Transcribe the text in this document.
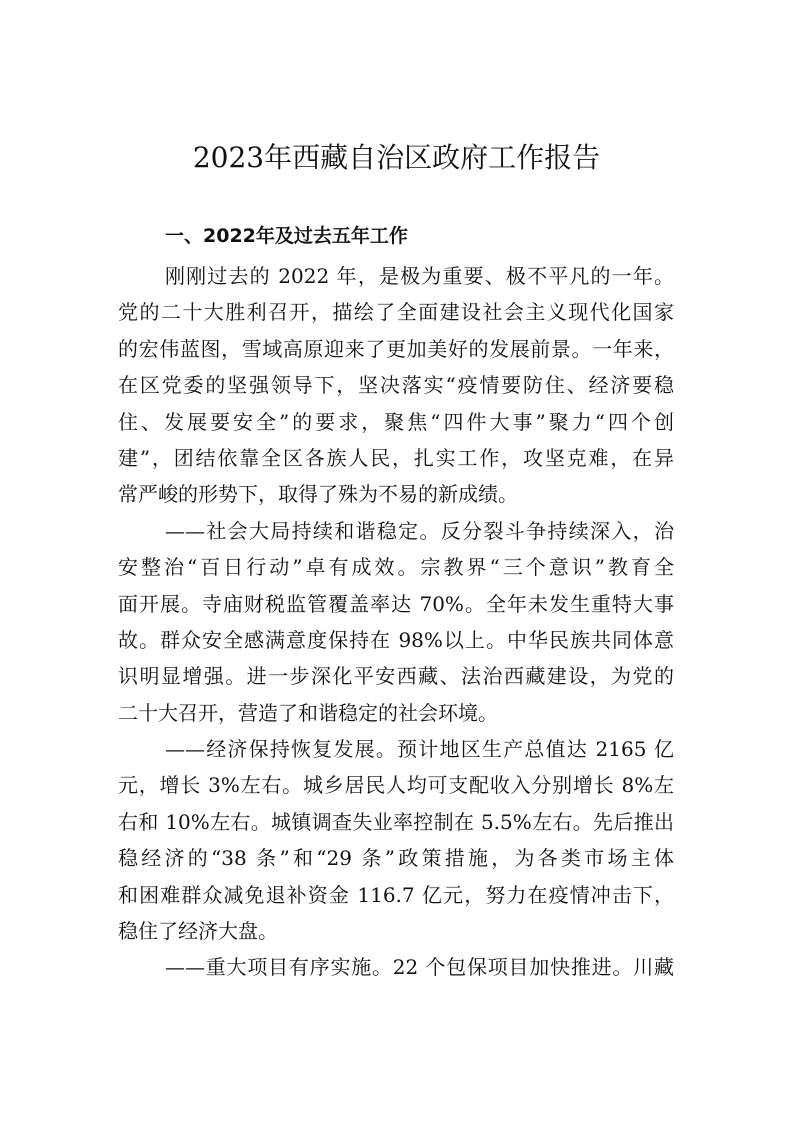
2023年西藏自治区政府工作报告
一、2022年及过去五年工作
刚刚过去的 2022 年，是极为重要、极不平凡的一年。
党的二十大胜利召开，描绘了全面建设社会主义现代化国家
的宏伟蓝图，雪域高原迎来了更加美好的发展前景。一年来，
在区党委的坚强领导下，坚决落实“疫情要防住、经济要稳
住、发展要安全”的要求，聚焦“四件大事”聚力“四个创
建”，团结依靠全区各族人民，扎实工作，攻坚克难，在异
常严峻的形势下，取得了殊为不易的新成绩。
——社会大局持续和谐稳定。反分裂斗争持续深入，治
安整治“百日行动”卓有成效。宗教界“三个意识”教育全
面开展。寺庙财税监管覆盖率达 70%。全年未发生重特大事
故。群众安全感满意度保持在 98%以上。中华民族共同体意
识明显增强。进一步深化平安西藏、法治西藏建设，为党的
二十大召开，营造了和谐稳定的社会环境。
——经济保持恢复发展。预计地区生产总值达 2165 亿
元，增长 3%左右。城乡居民人均可支配收入分别增长 8%左
右和 10%左右。城镇调查失业率控制在 5.5%左右。先后推出
稳经济的“38 条”和“29 条”政策措施，为各类市场主体
和困难群众减免退补资金 116.7 亿元，努力在疫情冲击下，
稳住了经济大盘。
——重大项目有序实施。22 个包保项目加快推进。川藏
